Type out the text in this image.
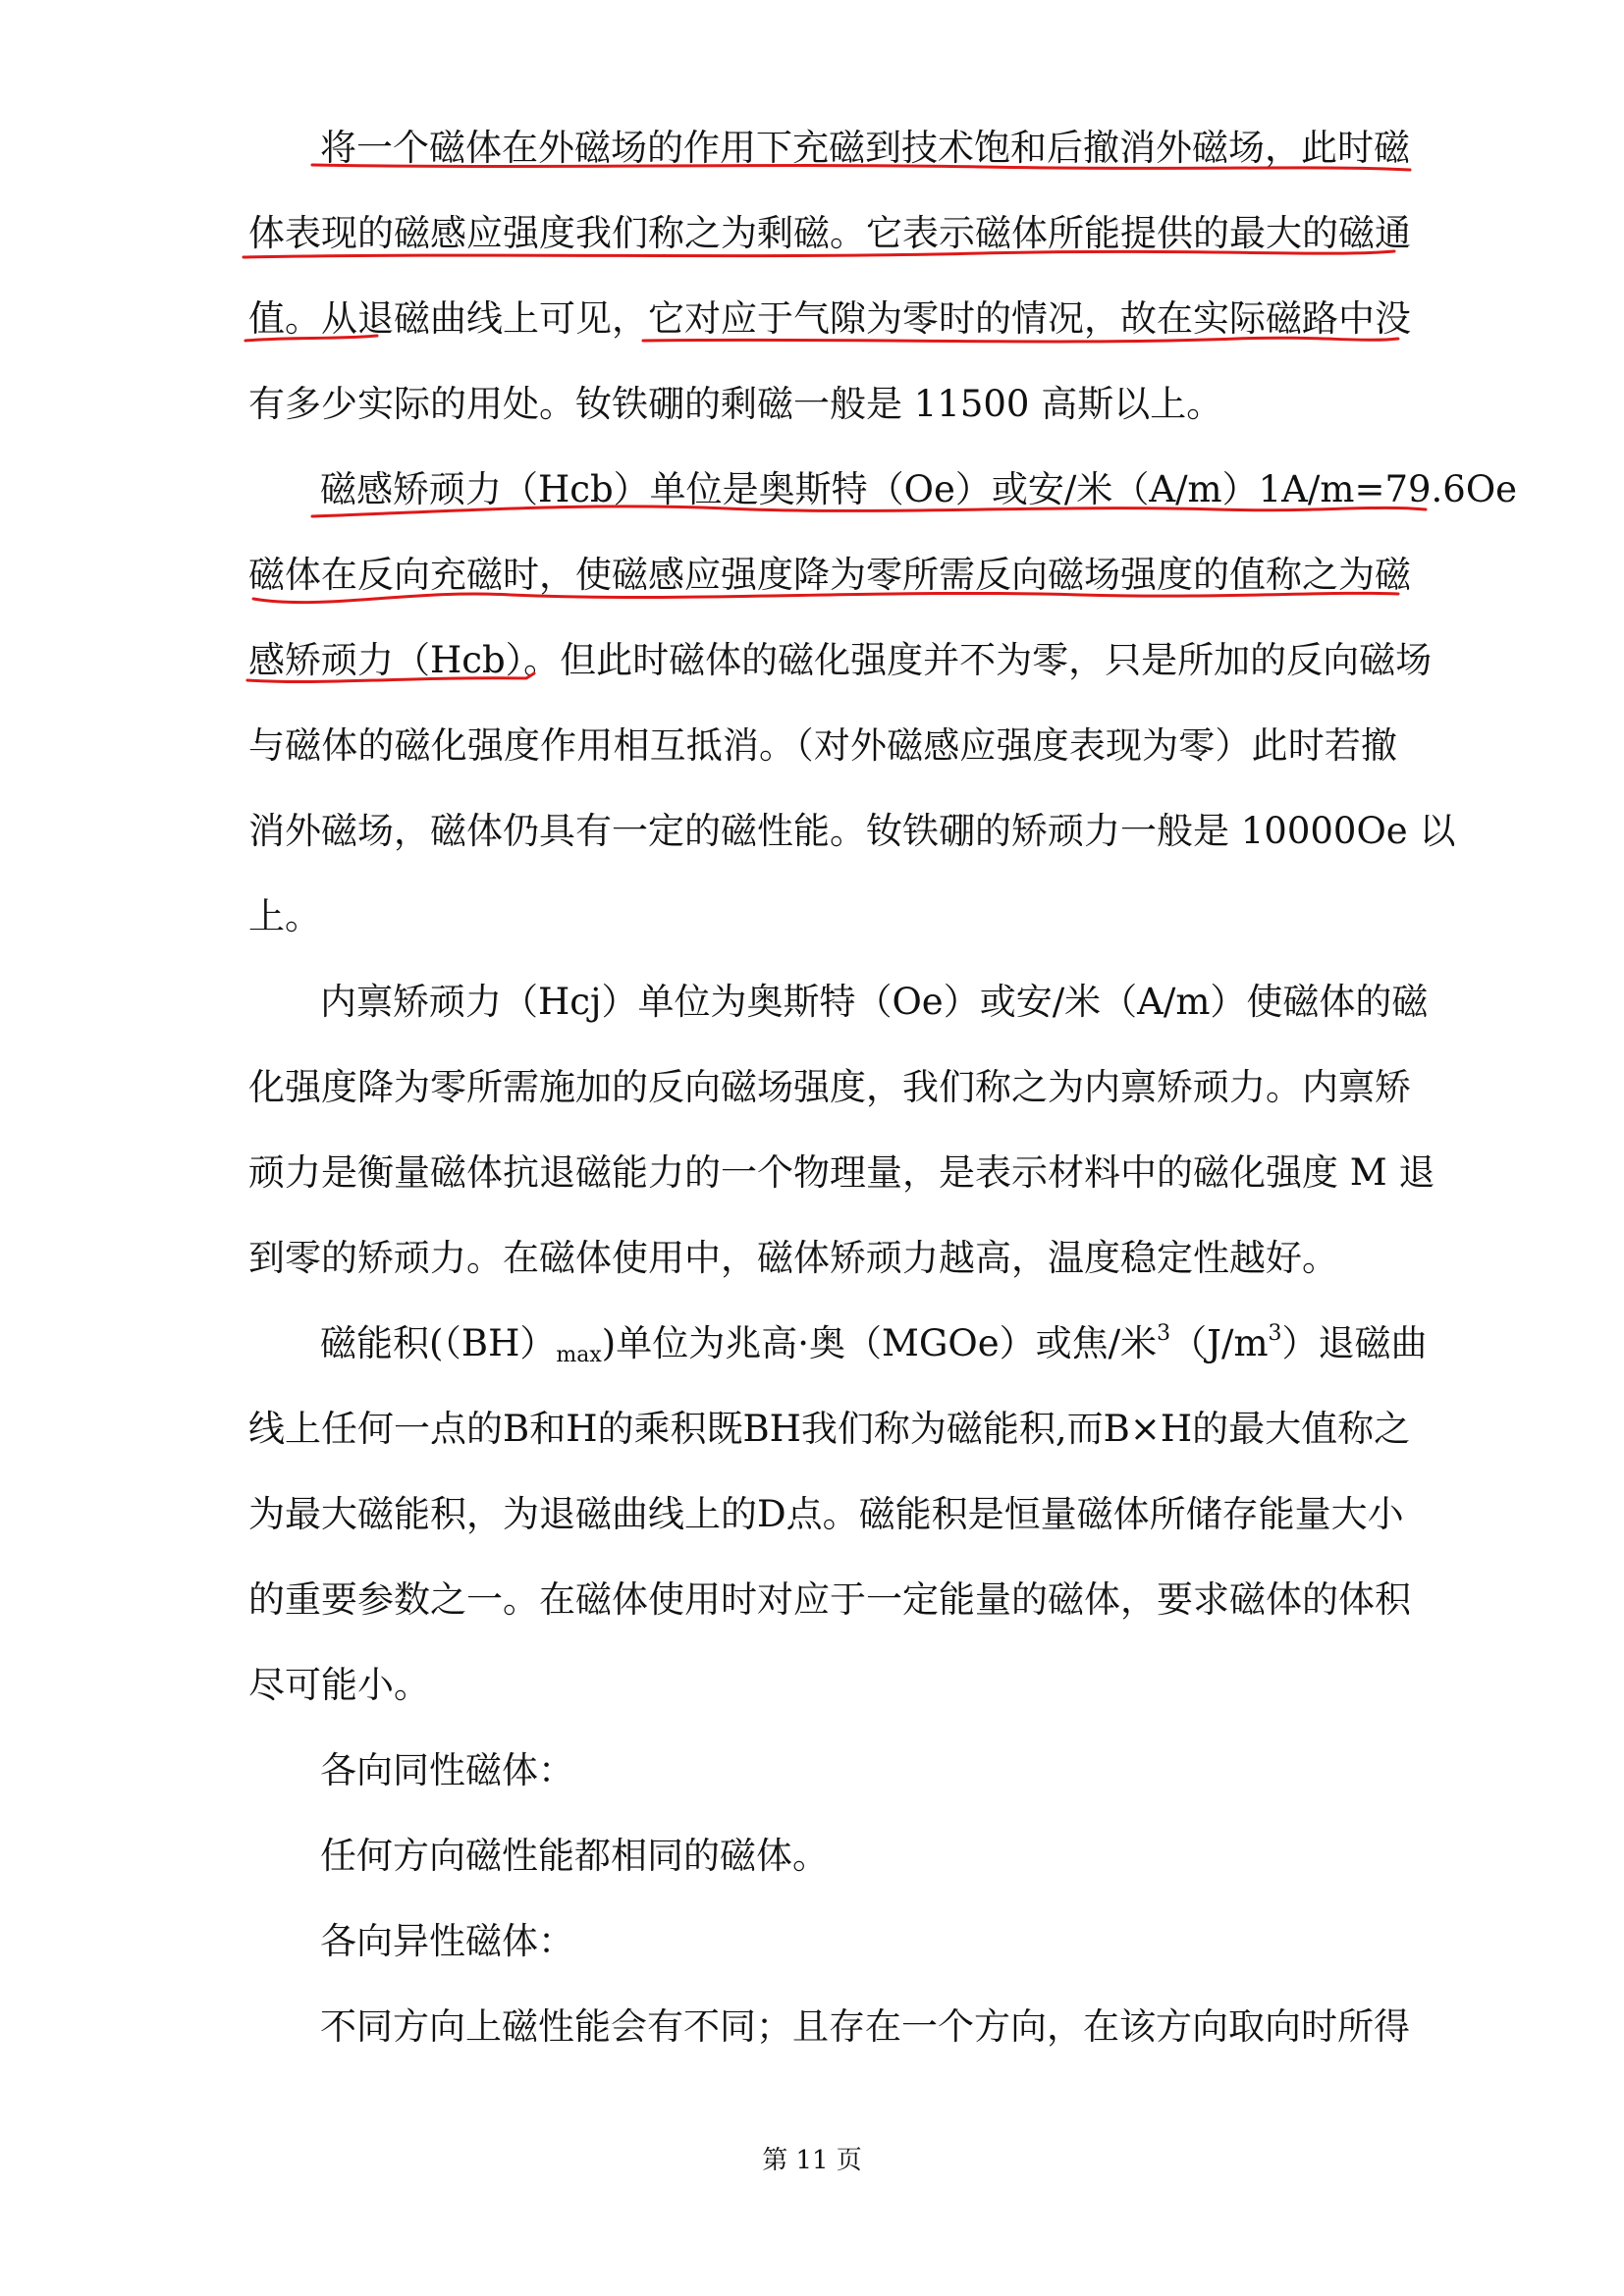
将一个磁体在外磁场的作用下充磁到技术饱和后撤消外磁场，此时磁
体表现的磁感应强度我们称之为剩磁。它表示磁体所能提供的最大的磁通
值。从退磁曲线上可见，它对应于气隙为零时的情况，故在实际磁路中没
有多少实际的用处。钕铁硼的剩磁一般是 11500 高斯以上。
磁感矫顽力（Hcb）单位是奥斯特（Oe）或安/米（A/m）1A/m=79.6Oe
磁体在反向充磁时，使磁感应强度降为零所需反向磁场强度的值称之为磁
感矫顽力（Hcb）。但此时磁体的磁化强度并不为零，只是所加的反向磁场
与磁体的磁化强度作用相互抵消。（对外磁感应强度表现为零）此时若撤
消外磁场，磁体仍具有一定的磁性能。钕铁硼的矫顽力一般是 10000Oe 以
上。
内禀矫顽力（Hcj）单位为奥斯特（Oe）或安/米（A/m）使磁体的磁
化强度降为零所需施加的反向磁场强度，我们称之为内禀矫顽力。内禀矫
顽力是衡量磁体抗退磁能力的一个物理量，是表示材料中的磁化强度 M 退
到零的矫顽力。在磁体使用中，磁体矫顽力越高，温度稳定性越好。
磁能积$((BH)_{max})$单位为兆高·奥（MGOe）或焦/米$^3(J/m^3)$退磁曲
线上任何一点的B和H的乘积既BH我们称为磁能积,而B×H的最大值称之
为最大磁能积，为退磁曲线上的D点。磁能积是恒量磁体所储存能量大小
的重要参数之一。在磁体使用时对应于一定能量的磁体，要求磁体的体积
尽可能小。
各向同性磁体：
任何方向磁性能都相同的磁体。
各向异性磁体：
不同方向上磁性能会有不同；且存在一个方向，在该方向取向时所得
第 11 页
